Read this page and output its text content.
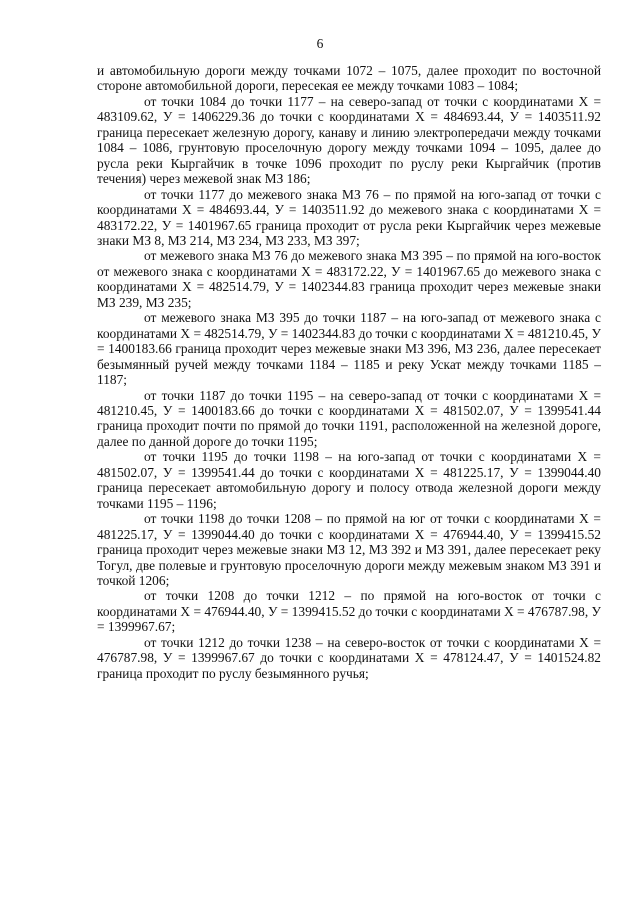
6

и автомобильную дороги между точками 1072 – 1075, далее проходит по восточной стороне автомобильной дороги, пересекая ее между точками 1083 – 1084;

от точки 1084 до точки 1177 – на северо-запад от точки с координатами Х = 483109.62, У = 1406229.36 до точки с координатами Х = 484693.44, У = 1403511.92 граница пересекает железную дорогу, канаву и линию электропередачи между точками 1084 – 1086, грунтовую проселочную дорогу между точками 1094 – 1095, далее до русла реки Кыргайчик в точке 1096 проходит по руслу реки Кыргайчик (против течения) через межевой знак МЗ 186;

от точки 1177 до межевого знака МЗ 76 – по прямой на юго-запад от точки с координатами Х = 484693.44, У = 1403511.92 до межевого знака с координатами Х = 483172.22, У = 1401967.65 граница проходит от русла реки Кыргайчик через межевые знаки МЗ 8, МЗ 214, МЗ 234, МЗ 233, МЗ 397;

от межевого знака МЗ 76 до межевого знака МЗ 395 – по прямой на юго-восток от межевого знака с координатами Х = 483172.22, У = 1401967.65 до межевого знака с координатами Х = 482514.79, У = 1402344.83 граница проходит через межевые знаки МЗ 239, МЗ 235;

от межевого знака МЗ 395 до точки 1187 – на юго-запад от межевого знака с координатами Х = 482514.79, У = 1402344.83 до точки с координатами Х = 481210.45, У = 1400183.66 граница проходит через межевые знаки МЗ 396, МЗ 236, далее пересекает безымянный ручей между точками 1184 – 1185 и реку Ускат между точками 1185 – 1187;

от точки 1187 до точки 1195 – на северо-запад от точки с координатами Х = 481210.45, У = 1400183.66 до точки с координатами Х = 481502.07, У = 1399541.44 граница проходит почти по прямой до точки 1191, расположенной на железной дороге, далее по данной дороге до точки 1195;

от точки 1195 до точки 1198 – на юго-запад от точки с координатами Х = 481502.07, У = 1399541.44 до точки с координатами Х = 481225.17, У = 1399044.40 граница пересекает автомобильную дорогу и полосу отвода железной дороги между точками 1195 – 1196;

от точки 1198 до точки 1208 – по прямой на юг от точки с координатами Х = 481225.17, У = 1399044.40 до точки с координатами Х = 476944.40, У = 1399415.52 граница проходит через межевые знаки МЗ 12, МЗ 392 и МЗ 391, далее пересекает реку Тогул, две полевые и грунтовую проселочную дороги между межевым знаком МЗ 391 и точкой 1206;

от точки 1208 до точки 1212 – по прямой на юго-восток от точки с координатами Х = 476944.40, У = 1399415.52 до точки с координатами Х = 476787.98, У = 1399967.67;

от точки 1212 до точки 1238 – на северо-восток от точки с координатами Х = 476787.98, У = 1399967.67 до точки с координатами Х = 478124.47, У = 1401524.82 граница проходит по руслу безымянного ручья;
